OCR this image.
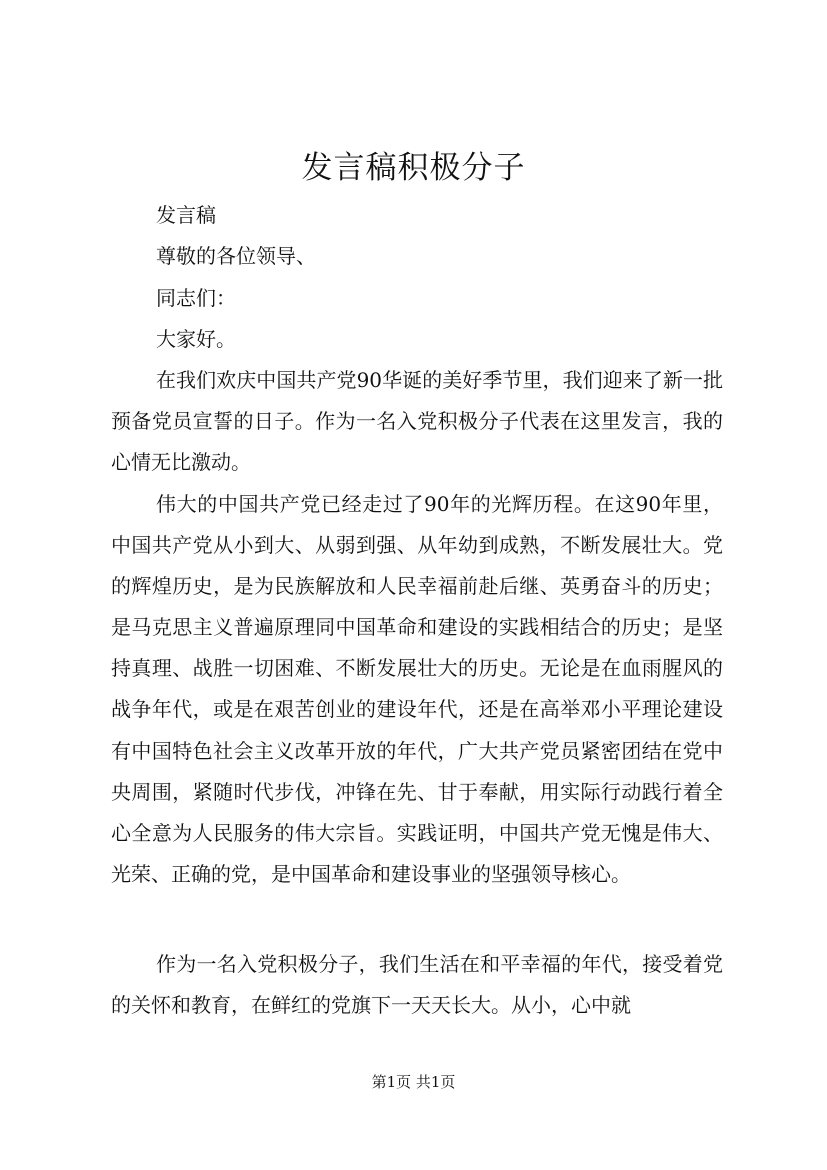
发言稿积极分子
发言稿
尊敬的各位领导、
同志们：
大家好。

在我们欢庆中国共产党90华诞的美好季节里，我们迎来了新一批预备党员宣誓的日子。作为一名入党积极分子代表在这里发言，我的心情无比激动。

伟大的中国共产党已经走过了90年的光辉历程。在这90年里，中国共产党从小到大、从弱到强、从年幼到成熟，不断发展壮大。党的辉煌历史，是为民族解放和人民幸福前赴后继、英勇奋斗的历史；是马克思主义普遍原理同中国革命和建设的实践相结合的历史；是坚持真理、战胜一切困难、不断发展壮大的历史。无论是在血雨腥风的战争年代，或是在艰苦创业的建设年代，还是在高举邓小平理论建设有中国特色社会主义改革开放的年代，广大共产党员紧密团结在党中央周围，紧随时代步伐，冲锋在先、甘于奉献，用实际行动践行着全心全意为人民服务的伟大宗旨。实践证明，中国共产党无愧是伟大、光荣、正确的党，是中国革命和建设事业的坚强领导核心。

作为一名入党积极分子，我们生活在和平幸福的年代，接受着党的关怀和教育，在鲜红的党旗下一天天长大。从小，心中就

第1页 共1页
